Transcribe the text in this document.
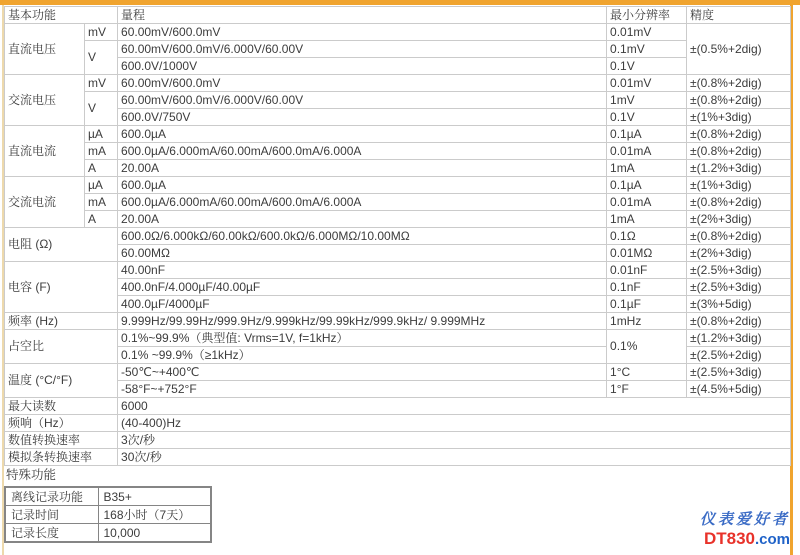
基本功能		量程	最小分辨率	精度
直流电压	mV	60.00mV/600.0mV	0.01mV	±(0.5%+2dig)
	V	60.00mV/600.0mV/6.000V/60.00V	0.1mV	
		600.0V/1000V	0.1V	
交流电压	mV	60.00mV/600.0mV	0.01mV	±(0.8%+2dig)
	V	60.00mV/600.0mV/6.000V/60.00V	1mV	±(0.8%+2dig)
		600.0V/750V	0.1V	±(1%+3dig)
直流电流	µA	600.0µA	0.1µA	±(0.8%+2dig)
	mA	600.0µA/6.000mA/60.00mA/600.0mA/6.000A	0.01mA	±(0.8%+2dig)
	A	20.00A	1mA	±(1.2%+3dig)
交流电流	µA	600.0µA	0.1µA	±(1%+3dig)
	mA	600.0µA/6.000mA/60.00mA/600.0mA/6.000A	0.01mA	±(0.8%+2dig)
	A	20.00A	1mA	±(2%+3dig)
电阻 (Ω)		600.0Ω/6.000kΩ/60.00kΩ/600.0kΩ/6.000MΩ/10.00MΩ	0.1Ω	±(0.8%+2dig)
		60.00MΩ	0.01MΩ	±(2%+3dig)
电容 (F)		40.00nF	0.01nF	±(2.5%+3dig)
		400.0nF/4.000µF/40.00µF	0.1nF	±(2.5%+3dig)
		400.0µF/4000µF	0.1µF	±(3%+5dig)
频率 (Hz)		9.999Hz/99.99Hz/999.9Hz/9.999kHz/99.99kHz/999.9kHz/ 9.999MHz	1mHz	±(0.8%+2dig)
占空比		0.1%~99.9%（典型值: Vrms=1V, f=1kHz）	0.1%	±(1.2%+3dig)
		0.1% ~99.9%（≥1kHz）		±(2.5%+2dig)
温度 (°C/°F)		-50℃~+400℃	1°C	±(2.5%+3dig)
		-58°F~+752°F	1°F	±(4.5%+5dig)
最大读数		6000		
频响（Hz）		(40-400)Hz		
数值转换速率		3次/秒		
模拟条转换速率		30次/秒		
特殊功能
离线记录功能	B35+
记录时间	168小时（7天）
记录长度	10,000
仪表爱好者
DT830.com
